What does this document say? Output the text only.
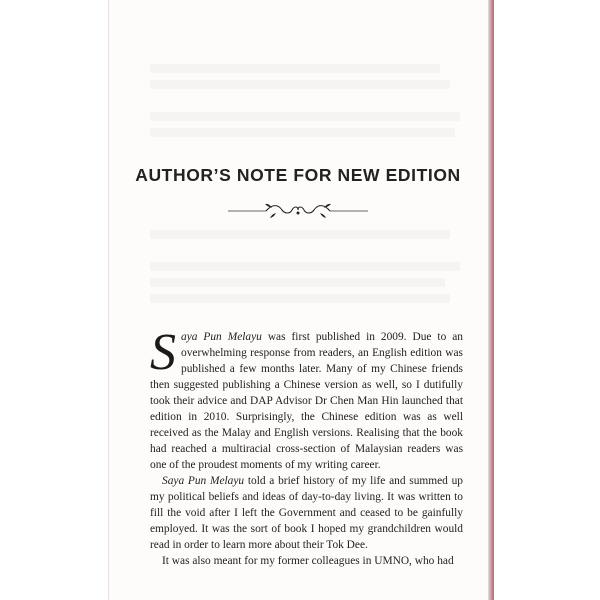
AUTHOR’S NOTE FOR NEW EDITION

Saya Pun Melayu was first published in 2009. Due to an overwhelming response from readers, an English edition was published a few months later. Many of my Chinese friends then suggested publishing a Chinese version as well, so I dutifully took their advice and DAP Advisor Dr Chen Man Hin launched that edition in 2010. Surprisingly, the Chinese edition was as well received as the Malay and English versions. Realising that the book had reached a multiracial cross-section of Malaysian readers was one of the proudest moments of my writing career.

Saya Pun Melayu told a brief history of my life and summed up my political beliefs and ideas of day-to-day living. It was written to fill the void after I left the Government and ceased to be gainfully employed. It was the sort of book I hoped my grandchildren would read in order to learn more about their Tok Dee.

It was also meant for my former colleagues in UMNO, who had
